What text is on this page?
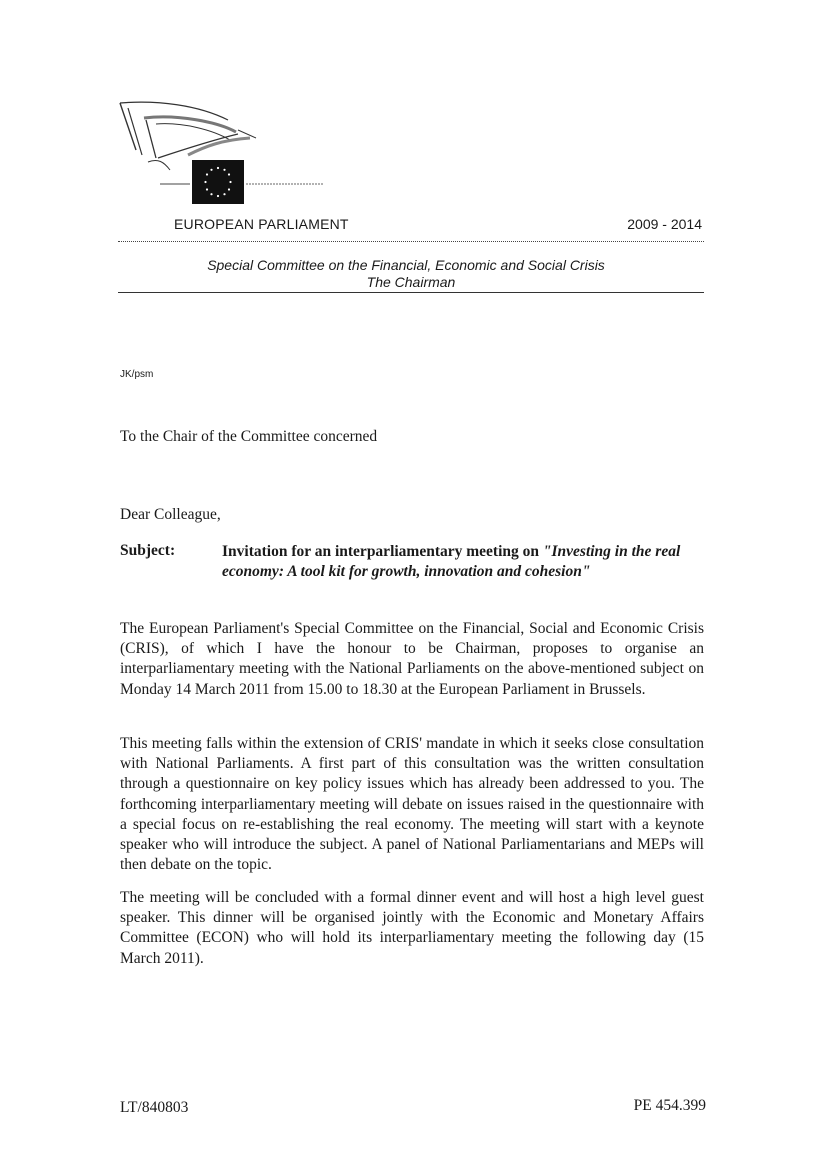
EUROPEAN PARLIAMENT	2009 - 2014
Special Committee on the Financial, Economic and Social Crisis
The Chairman
JK/psm
To the Chair of the Committee concerned
Dear Colleague,
Subject:	Invitation for an interparliamentary meeting on "Investing in the real economy: A tool kit for growth, innovation and cohesion"

The European Parliament's Special Committee on the Financial, Social and Economic Crisis (CRIS), of which I have the honour to be Chairman, proposes to organise an interparliamentary meeting with the National Parliaments on the above-mentioned subject on Monday 14 March 2011 from 15.00 to 18.30 at the European Parliament in Brussels.

This meeting falls within the extension of CRIS' mandate in which it seeks close consultation with National Parliaments. A first part of this consultation was the written consultation through a questionnaire on key policy issues which has already been addressed to you. The forthcoming interparliamentary meeting will debate on issues raised in the questionnaire with a special focus on re-establishing the real economy. The meeting will start with a keynote speaker who will introduce the subject. A panel of National Parliamentarians and MEPs will then debate on the topic.

The meeting will be concluded with a formal dinner event and will host a high level guest speaker. This dinner will be organised jointly with the Economic and Monetary Affairs Committee (ECON) who will hold its interparliamentary meeting the following day (15 March 2011).

LT/840803	PE 454.399
